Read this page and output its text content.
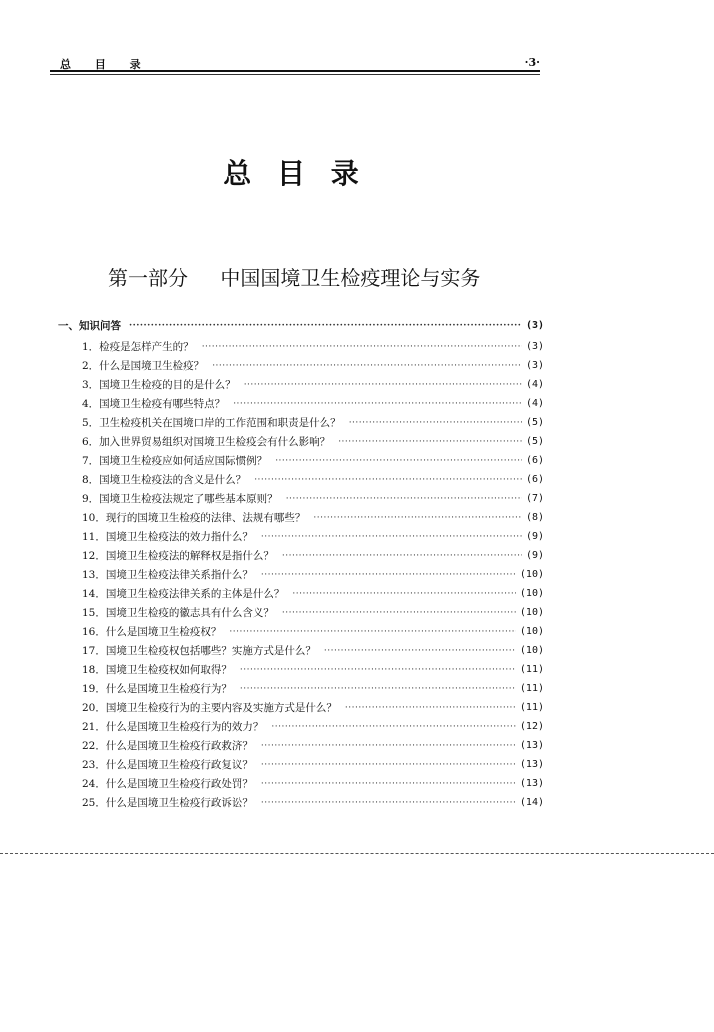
总 目 录	·3·
总 目 录
第一部分 中国国境卫生检疫理论与实务
一、知识问答 ·····	(3)
1．检疫是怎样产生的？ ·····	(3)
2．什么是国境卫生检疫？ ·····	(3)
3．国境卫生检疫的目的是什么？ ·····	(4)
4．国境卫生检疫有哪些特点？ ·····	(4)
5．卫生检疫机关在国境口岸的工作范围和职责是什么？ ·····	(5)
6．加入世界贸易组织对国境卫生检疫会有什么影响？ ·····	(5)
7．国境卫生检疫应如何适应国际惯例？ ·····	(6)
8．国境卫生检疫法的含义是什么？ ·····	(6)
9．国境卫生检疫法规定了哪些基本原则？ ·····	(7)
10．现行的国境卫生检疫的法律、法规有哪些？ ·····	(8)
11．国境卫生检疫法的效力指什么？ ·····	(9)
12．国境卫生检疫法的解释权是指什么？ ·····	(9)
13．国境卫生检疫法律关系指什么？ ·····	(10)
14．国境卫生检疫法律关系的主体是什么？ ·····	(10)
15．国境卫生检疫的徽志具有什么含义？ ·····	(10)
16．什么是国境卫生检疫权？ ·····	(10)
17．国境卫生检疫权包括哪些？实施方式是什么？ ·····	(10)
18．国境卫生检疫权如何取得？ ·····	(11)
19．什么是国境卫生检疫行为？ ·····	(11)
20．国境卫生检疫行为的主要内容及实施方式是什么？ ·····	(11)
21．什么是国境卫生检疫行为的效力？ ·····	(12)
22．什么是国境卫生检疫行政救济？ ·····	(13)
23．什么是国境卫生检疫行政复议？ ·····	(13)
24．什么是国境卫生检疫行政处罚？ ·····	(13)
25．什么是国境卫生检疫行政诉讼？ ·····	(14)
